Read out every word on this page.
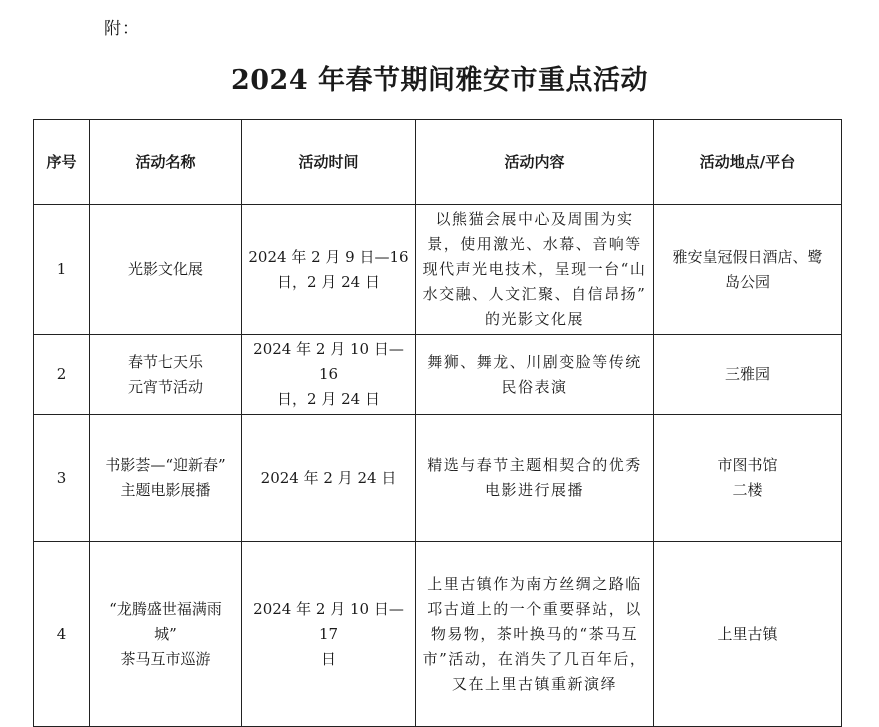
附：
2024 年春节期间雅安市重点活动
序号	活动名称	活动时间	活动内容	活动地点/平台
1	光影文化展	2024 年 2 月 9 日—16
日，2 月 24 日	以熊猫会展中心及周围为实
景，使用激光、水幕、音响等
现代声光电技术，呈现一台“山
水交融、人文汇聚、自信昂扬”
的光影文化展	雅安皇冠假日酒店、鹭
岛公园
2	春节七天乐
元宵节活动	2024 年 2 月 10 日—16
日，2 月 24 日	舞狮、舞龙、川剧变脸等传统
民俗表演	三雅园
3	书影荟—“迎新春”
主题电影展播	2024 年 2 月 24 日	精选与春节主题相契合的优秀
电影进行展播	市图书馆
二楼
4	“龙腾盛世福满雨
城”
茶马互市巡游	2024 年 2 月 10 日—17
日	上里古镇作为南方丝绸之路临
邛古道上的一个重要驿站，以
物易物，茶叶换马的“茶马互
市”活动，在消失了几百年后，
又在上里古镇重新演绎	上里古镇
